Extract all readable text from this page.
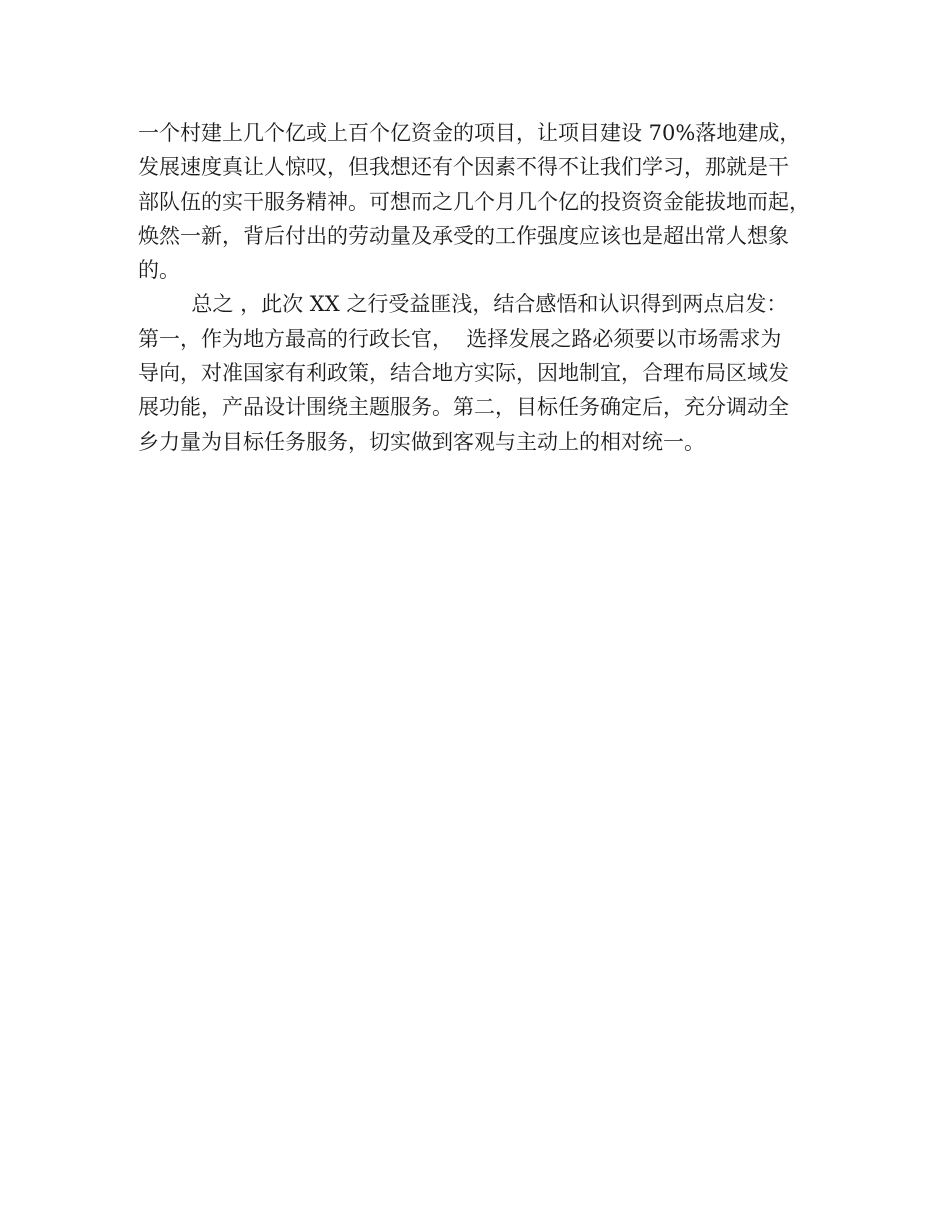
一个村建上几个亿或上百个亿资金的项目，让项目建设 70%落地建成，
发展速度真让人惊叹，但我想还有个因素不得不让我们学习，那就是干
部队伍的实干服务精神。可想而之几个月几个亿的投资资金能拔地而起，
焕然一新，背后付出的劳动量及承受的工作强度应该也是超出常人想象
的。
总之 ，此次 XX 之行受益匪浅，结合感悟和认识得到两点启发：
第一，作为地方最高的行政长官，  选择发展之路必须要以市场需求为
导向，对准国家有利政策，结合地方实际，因地制宜，合理布局区域发
展功能，产品设计围绕主题服务。第二，目标任务确定后，充分调动全
乡力量为目标任务服务，切实做到客观与主动上的相对统一。
